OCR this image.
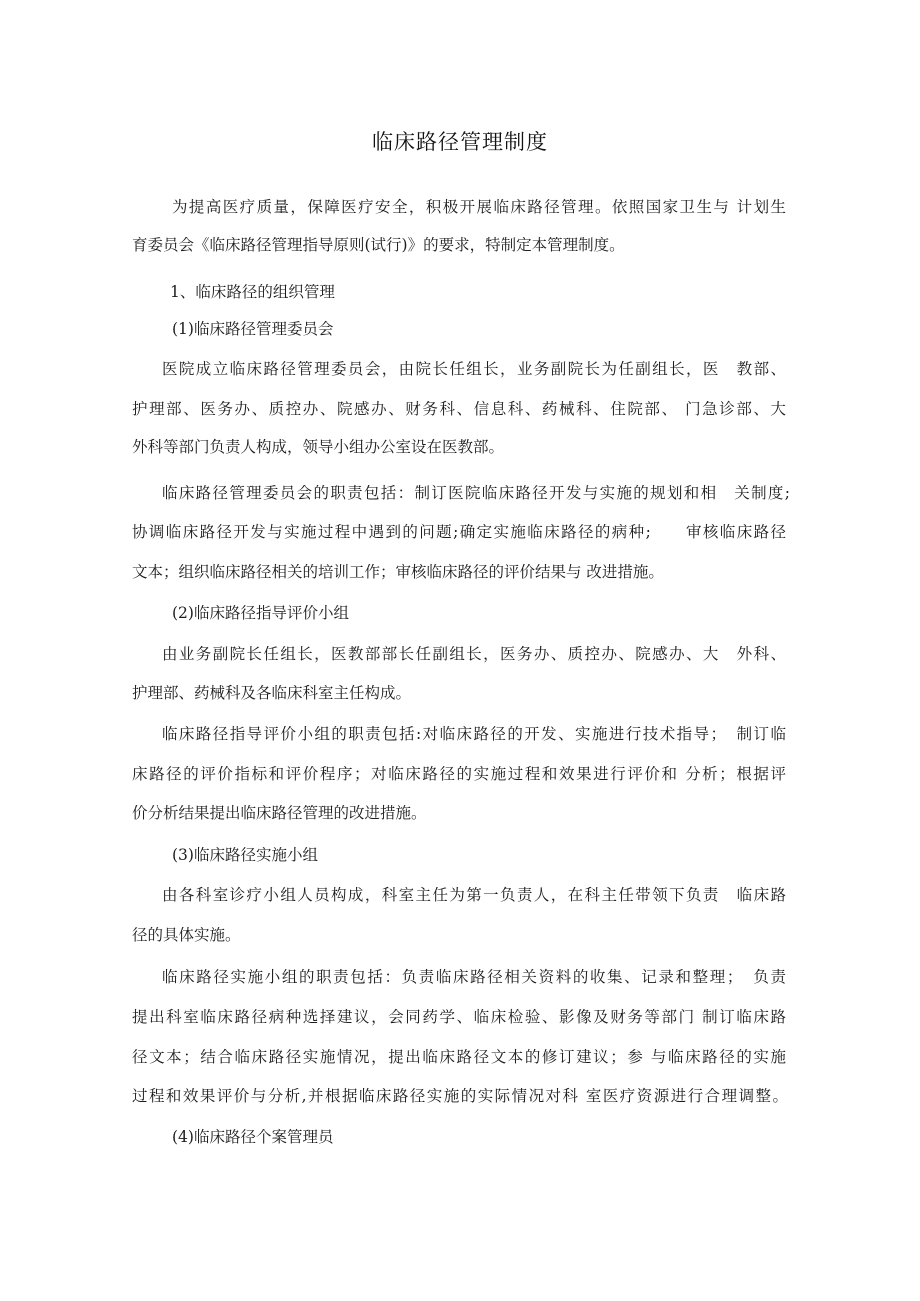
临床路径管理制度
为提高医疗质量，保障医疗安全，积极开展临床路径管理。依照国家卫生与 计划生
育委员会《临床路径管理指导原则(试行)》的要求，特制定本管理制度。
1、临床路径的组织管理
(1)临床路径管理委员会
医院成立临床路径管理委员会，由院长任组长，业务副院长为任副组长，医　教部、
护理部、医务办、质控办、院感办、财务科、信息科、药械科、住院部、 门急诊部、大
外科等部门负责人构成，领导小组办公室设在医教部。
临床路径管理委员会的职责包括：制订医院临床路径开发与实施的规划和相　关制度;
协调临床路径开发与实施过程中遇到的问题;确定实施临床路径的病种;　　审核临床路径
文本；组织临床路径相关的培训工作；审核临床路径的评价结果与 改进措施。
(2)临床路径指导评价小组
由业务副院长任组长，医教部部长任副组长，医务办、质控办、院感办、大　外科、
护理部、药械科及各临床科室主任构成。
临床路径指导评价小组的职责包括:对临床路径的开发、实施进行技术指导；　制订临
床路径的评价指标和评价程序；对临床路径的实施过程和效果进行评价和 分析；根据评
价分析结果提出临床路径管理的改进措施。
(3)临床路径实施小组
由各科室诊疗小组人员构成，科室主任为第一负责人，在科主任带领下负责　临床路
径的具体实施。
临床路径实施小组的职责包括：负责临床路径相关资料的收集、记录和整理；　负责
提出科室临床路径病种选择建议，会同药学、临床检验、影像及财务等部门 制订临床路
径文本；结合临床路径实施情况，提出临床路径文本的修订建议；参 与临床路径的实施
过程和效果评价与分析,并根据临床路径实施的实际情况对科 室医疗资源进行合理调整。
(4)临床路径个案管理员
